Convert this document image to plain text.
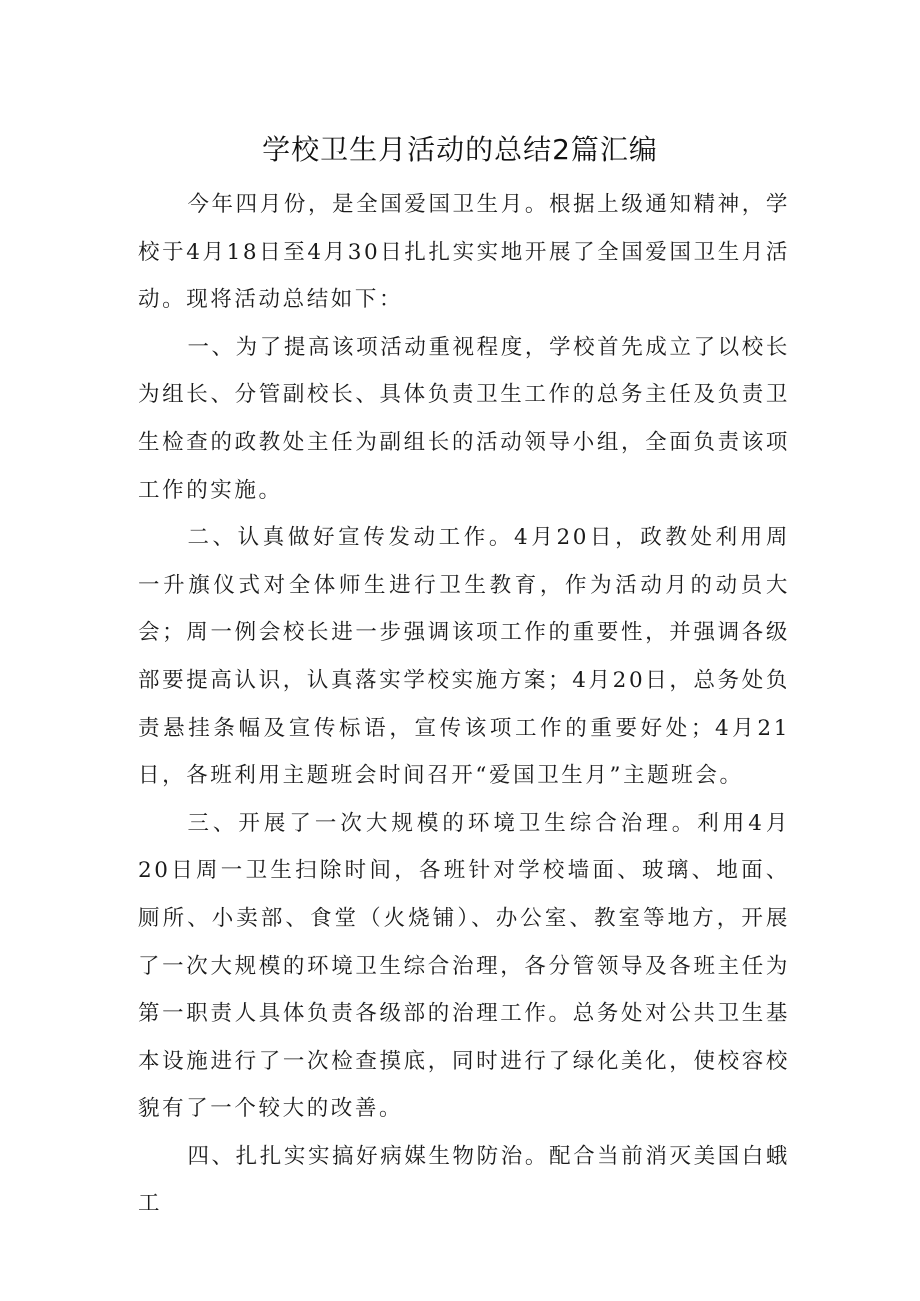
学校卫生月活动的总结2篇汇编

今年四月份，是全国爱国卫生月。根据上级通知精神，学校于4月18日至4月30日扎扎实实地开展了全国爱国卫生月活动。现将活动总结如下：

一、为了提高该项活动重视程度，学校首先成立了以校长为组长、分管副校长、具体负责卫生工作的总务主任及负责卫生检查的政教处主任为副组长的活动领导小组，全面负责该项工作的实施。

二、认真做好宣传发动工作。4月20日，政教处利用周一升旗仪式对全体师生进行卫生教育，作为活动月的动员大会；周一例会校长进一步强调该项工作的重要性，并强调各级部要提高认识，认真落实学校实施方案；4月20日，总务处负责悬挂条幅及宣传标语，宣传该项工作的重要好处；4月21日，各班利用主题班会时间召开“爱国卫生月”主题班会。

三、开展了一次大规模的环境卫生综合治理。利用4月20日周一卫生扫除时间，各班针对学校墙面、玻璃、地面、厕所、小卖部、食堂（火烧铺）、办公室、教室等地方，开展了一次大规模的环境卫生综合治理，各分管领导及各班主任为第一职责人具体负责各级部的治理工作。总务处对公共卫生基本设施进行了一次检查摸底，同时进行了绿化美化，使校容校貌有了一个较大的改善。

四、扎扎实实搞好病媒生物防治。配合当前消灭美国白蛾工
